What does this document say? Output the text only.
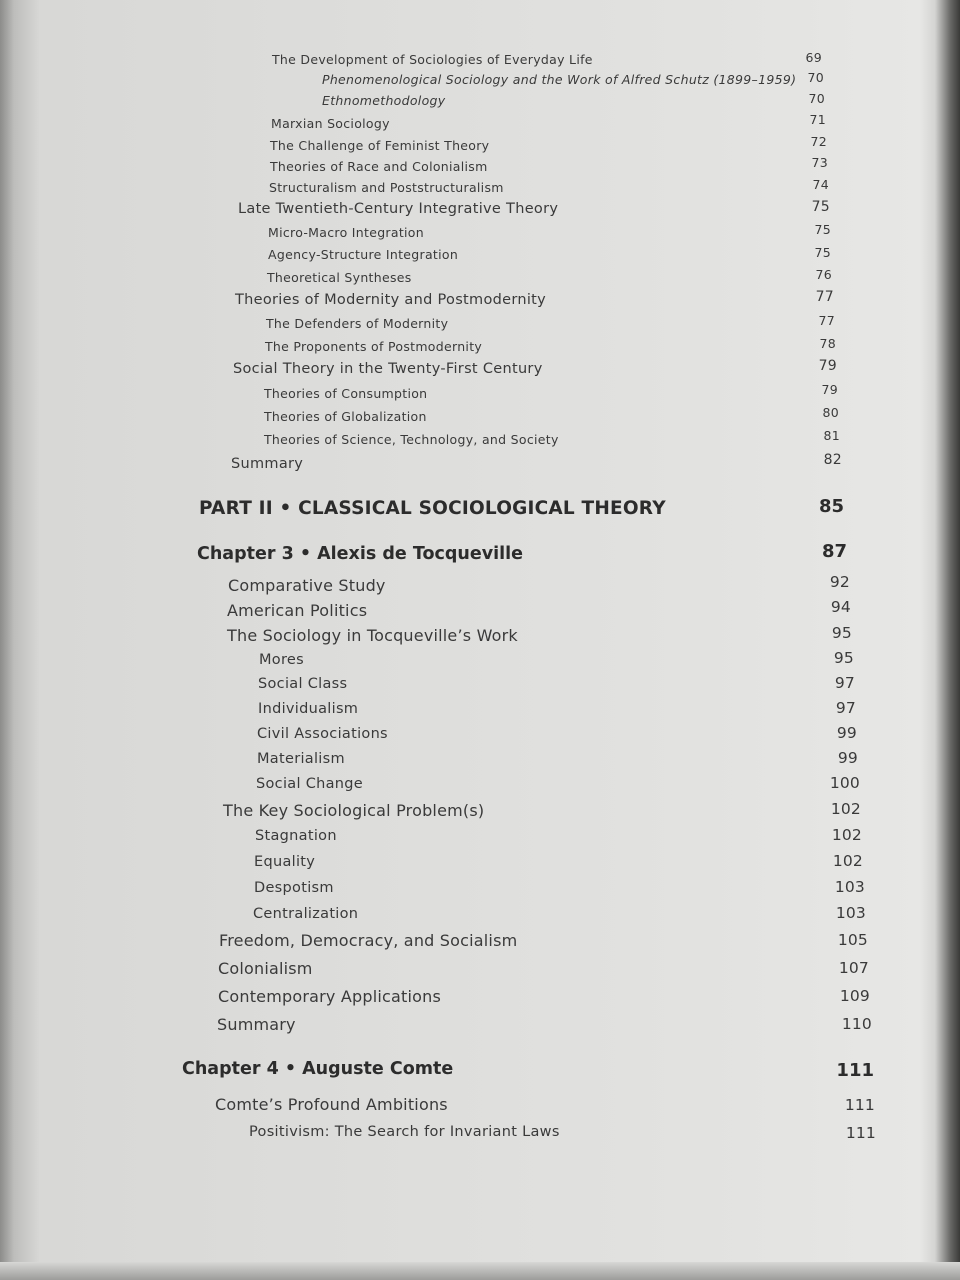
The Development of Sociologies of Everyday Life	69
Phenomenological Sociology and the Work of Alfred Schutz (1899–1959) 70
Ethnomethodology	70
Marxian Sociology	71
The Challenge of Feminist Theory	72
Theories of Race and Colonialism	73
Structuralism and Poststructuralism	74
Late Twentieth-Century Integrative Theory	75
Micro-Macro Integration	75
Agency-Structure Integration	75
Theoretical Syntheses	76
Theories of Modernity and Postmodernity	77
The Defenders of Modernity	77
The Proponents of Postmodernity	78
Social Theory in the Twenty-First Century	79
Theories of Consumption	79
Theories of Globalization	80
Theories of Science, Technology, and Society	81
Summary	82
PART II • CLASSICAL SOCIOLOGICAL THEORY	85
Chapter 3 • Alexis de Tocqueville	87
Comparative Study	92
American Politics	94
The Sociology in Tocqueville’s Work	95
Mores	95
Social Class	97
Individualism	97
Civil Associations	99
Materialism	99
Social Change	100
The Key Sociological Problem(s)	102
Stagnation	102
Equality	102
Despotism	103
Centralization	103
Freedom, Democracy, and Socialism	105
Colonialism	107
Contemporary Applications	109
Summary	110
Chapter 4 • Auguste Comte	111
Comte’s Profound Ambitions	111
Positivism: The Search for Invariant Laws	111
